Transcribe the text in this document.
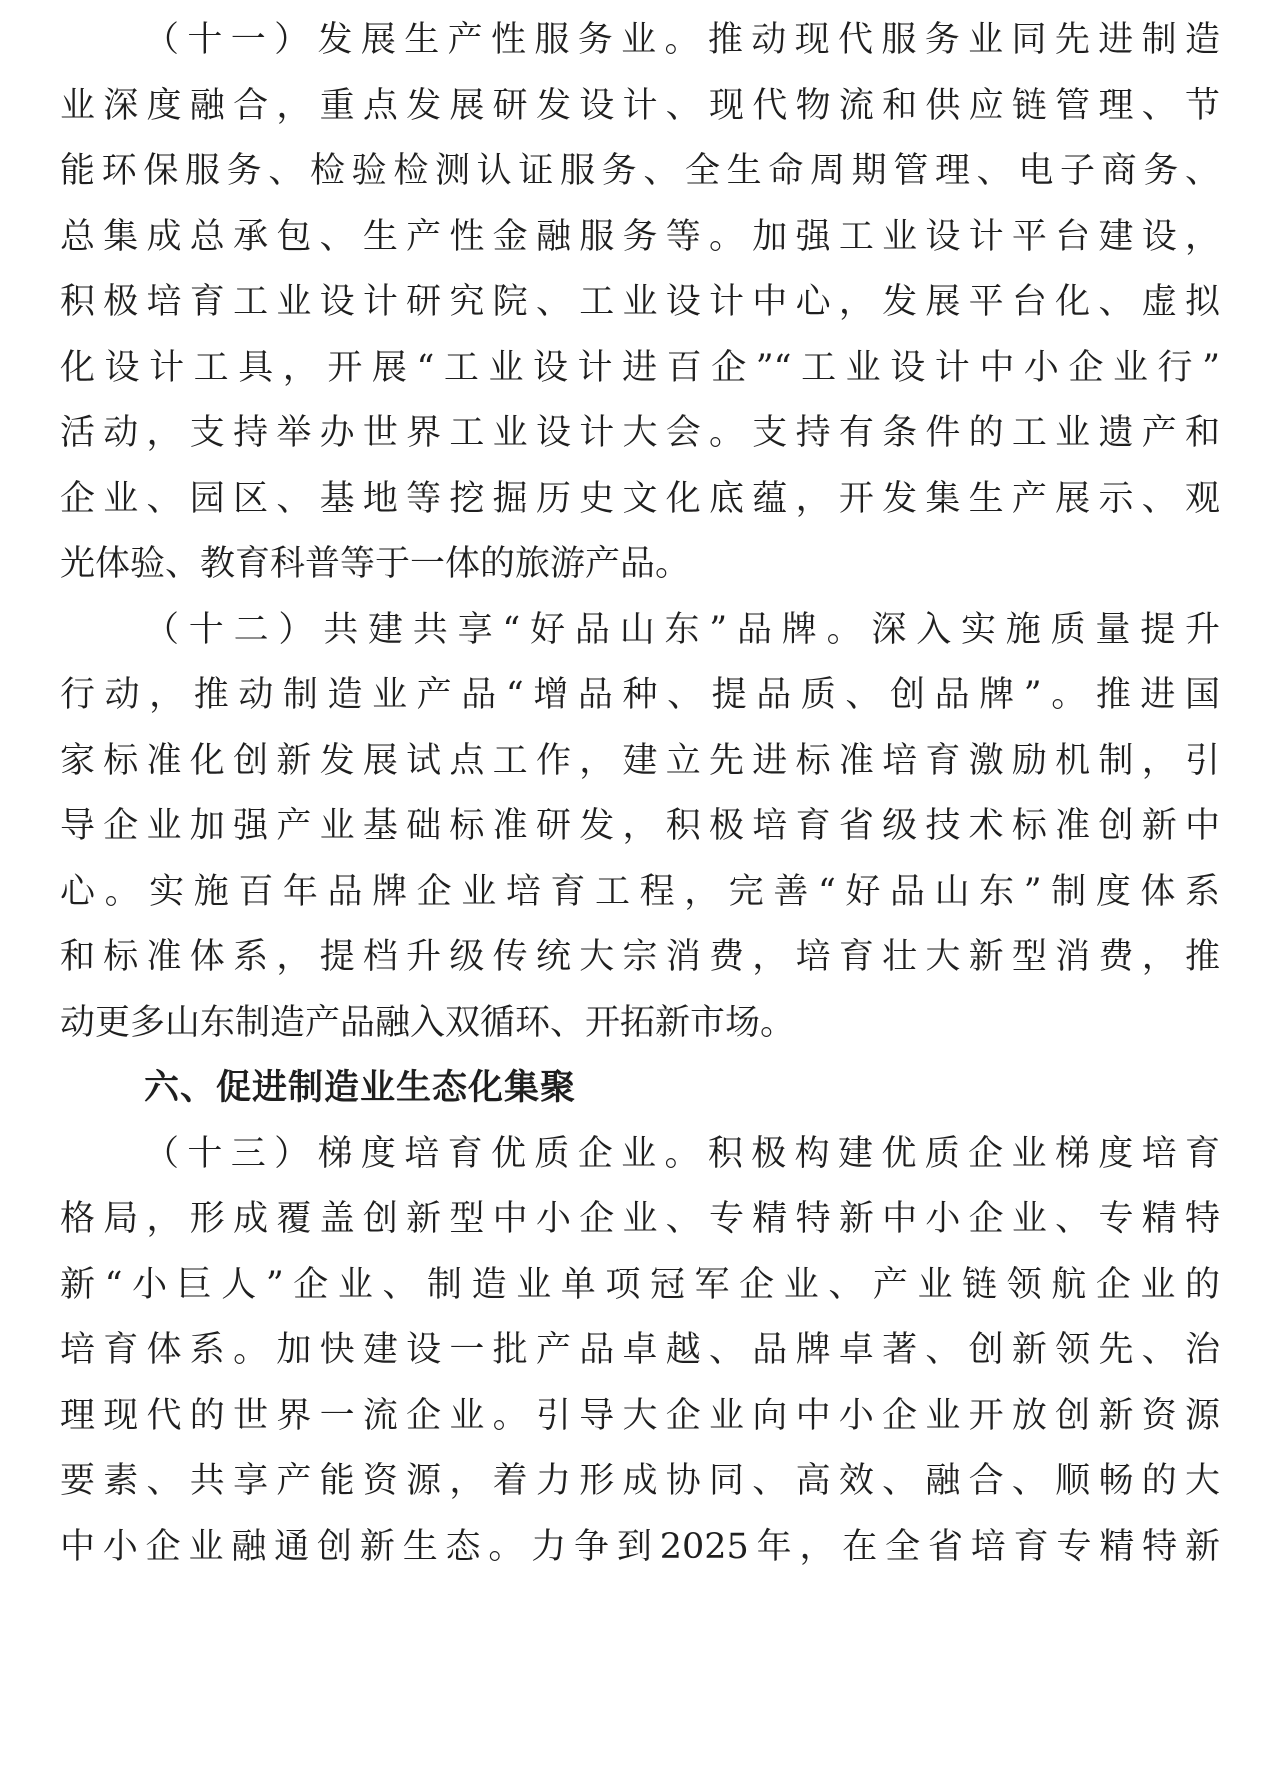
（十一）发展生产性服务业。推动现代服务业同先进制造
业深度融合，重点发展研发设计、现代物流和供应链管理、节
能环保服务、检验检测认证服务、全生命周期管理、电子商务、
总集成总承包、生产性金融服务等。加强工业设计平台建设，
积极培育工业设计研究院、工业设计中心，发展平台化、虚拟
化设计工具，开展“工业设计进百企”“工业设计中小企业行”
活动，支持举办世界工业设计大会。支持有条件的工业遗产和
企业、园区、基地等挖掘历史文化底蕴，开发集生产展示、观
光体验、教育科普等于一体的旅游产品。
（十二）共建共享“好品山东”品牌。深入实施质量提升
行动，推动制造业产品“增品种、提品质、创品牌”。推进国
家标准化创新发展试点工作，建立先进标准培育激励机制，引
导企业加强产业基础标准研发，积极培育省级技术标准创新中
心。实施百年品牌企业培育工程，完善“好品山东”制度体系
和标准体系，提档升级传统大宗消费，培育壮大新型消费，推
动更多山东制造产品融入双循环、开拓新市场。
六、促进制造业生态化集聚
（十三）梯度培育优质企业。积极构建优质企业梯度培育
格局，形成覆盖创新型中小企业、专精特新中小企业、专精特
新“小巨人”企业、制造业单项冠军企业、产业链领航企业的
培育体系。加快建设一批产品卓越、品牌卓著、创新领先、治
理现代的世界一流企业。引导大企业向中小企业开放创新资源
要素、共享产能资源，着力形成协同、高效、融合、顺畅的大
中小企业融通创新生态。力争到2025年，在全省培育专精特新
